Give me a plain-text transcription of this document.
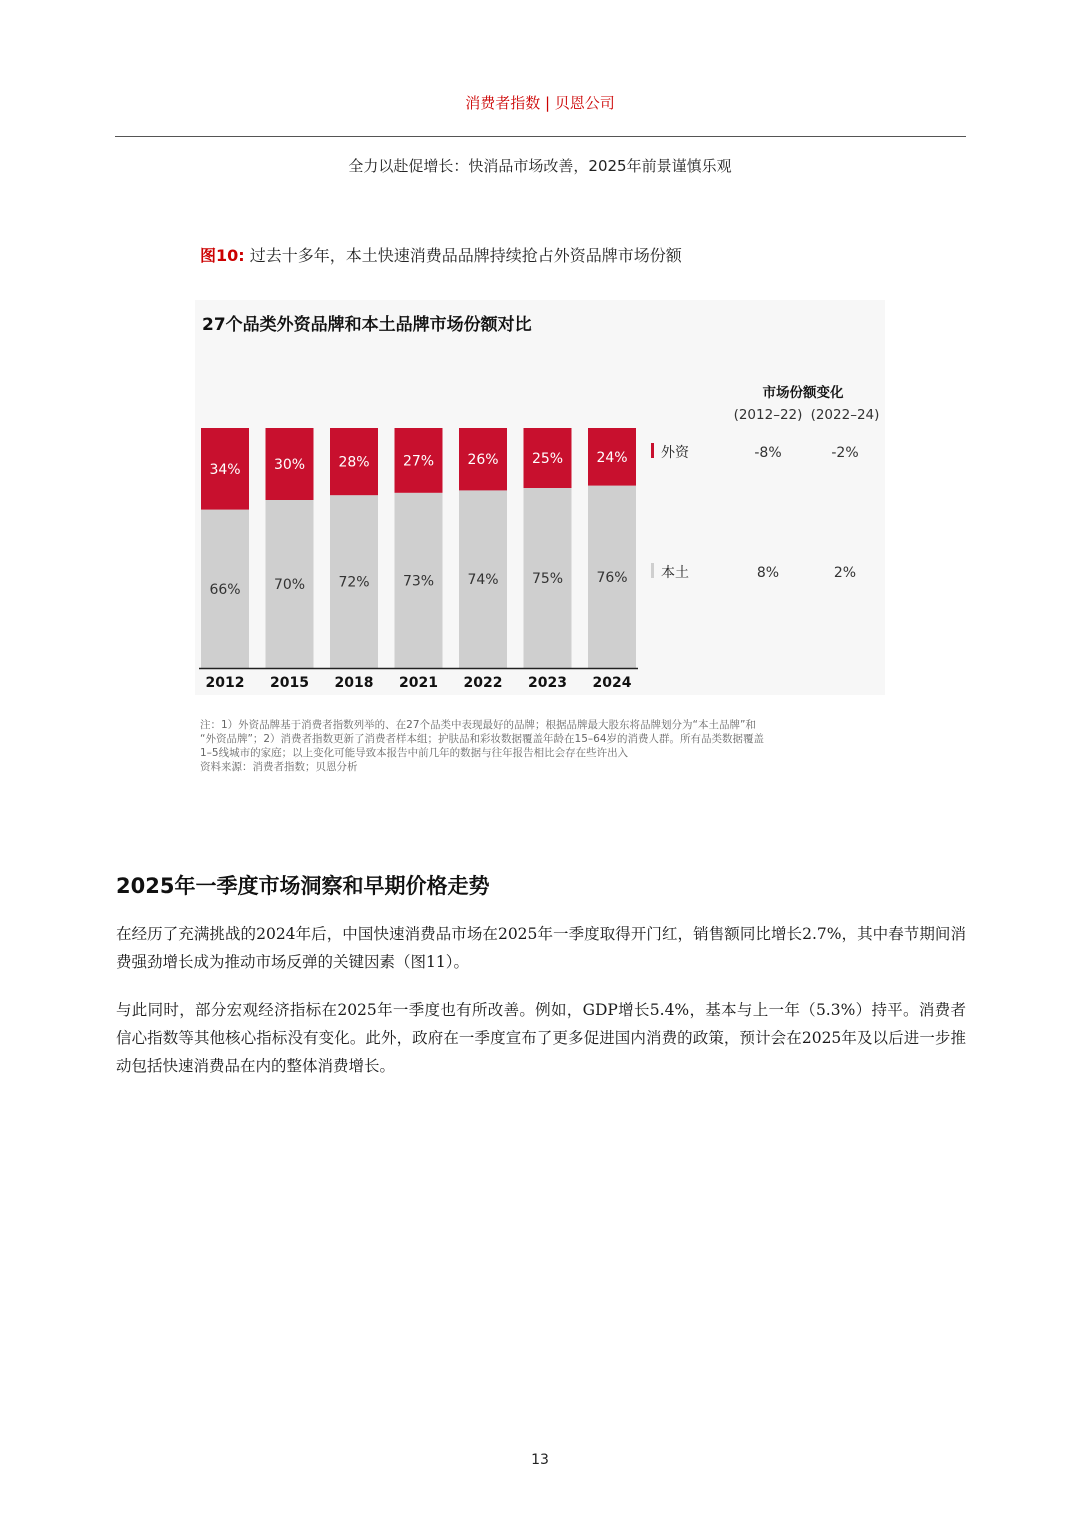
消费者指数 | 贝恩公司
全力以赴促增长：快消品市场改善，2025年前景谨慎乐观
图10: 过去十多年，本土快速消费品品牌持续抢占外资品牌市场份额
27个品类外资品牌和本土品牌市场份额对比
34%
66%
2012
30%
70%
2015
28%
72%
2018
27%
73%
2021
26%
74%
2022
25%
75%
2023
24%
76%
2024
市场份额变化
(2012–22) (2022–24)
外资	-8%	-2%
本土	8%	2%
注：1）外资品牌基于消费者指数列举的、在27个品类中表现最好的品牌；根据品牌最大股东将品牌划分为“本土品牌”和
“外资品牌”；2）消费者指数更新了消费者样本组；护肤品和彩妆数据覆盖年龄在15–64岁的消费人群。所有品类数据覆盖
1–5线城市的家庭；以上变化可能导致本报告中前几年的数据与往年报告相比会存在些许出入
资料来源：消费者指数；贝恩分析
2025年一季度市场洞察和早期价格走势
在经历了充满挑战的2024年后，中国快速消费品市场在2025年一季度取得开门红，销售额同比增长2.7%，其中春节期间消费强劲增长成为推动市场反弹的关键因素（图11）。
与此同时，部分宏观经济指标在2025年一季度也有所改善。例如，GDP增长5.4%，基本与上一年（5.3%）持平。消费者信心指数等其他核心指标没有变化。此外，政府在一季度宣布了更多促进国内消费的政策，预计会在2025年及以后进一步推动包括快速消费品在内的整体消费增长。
13
